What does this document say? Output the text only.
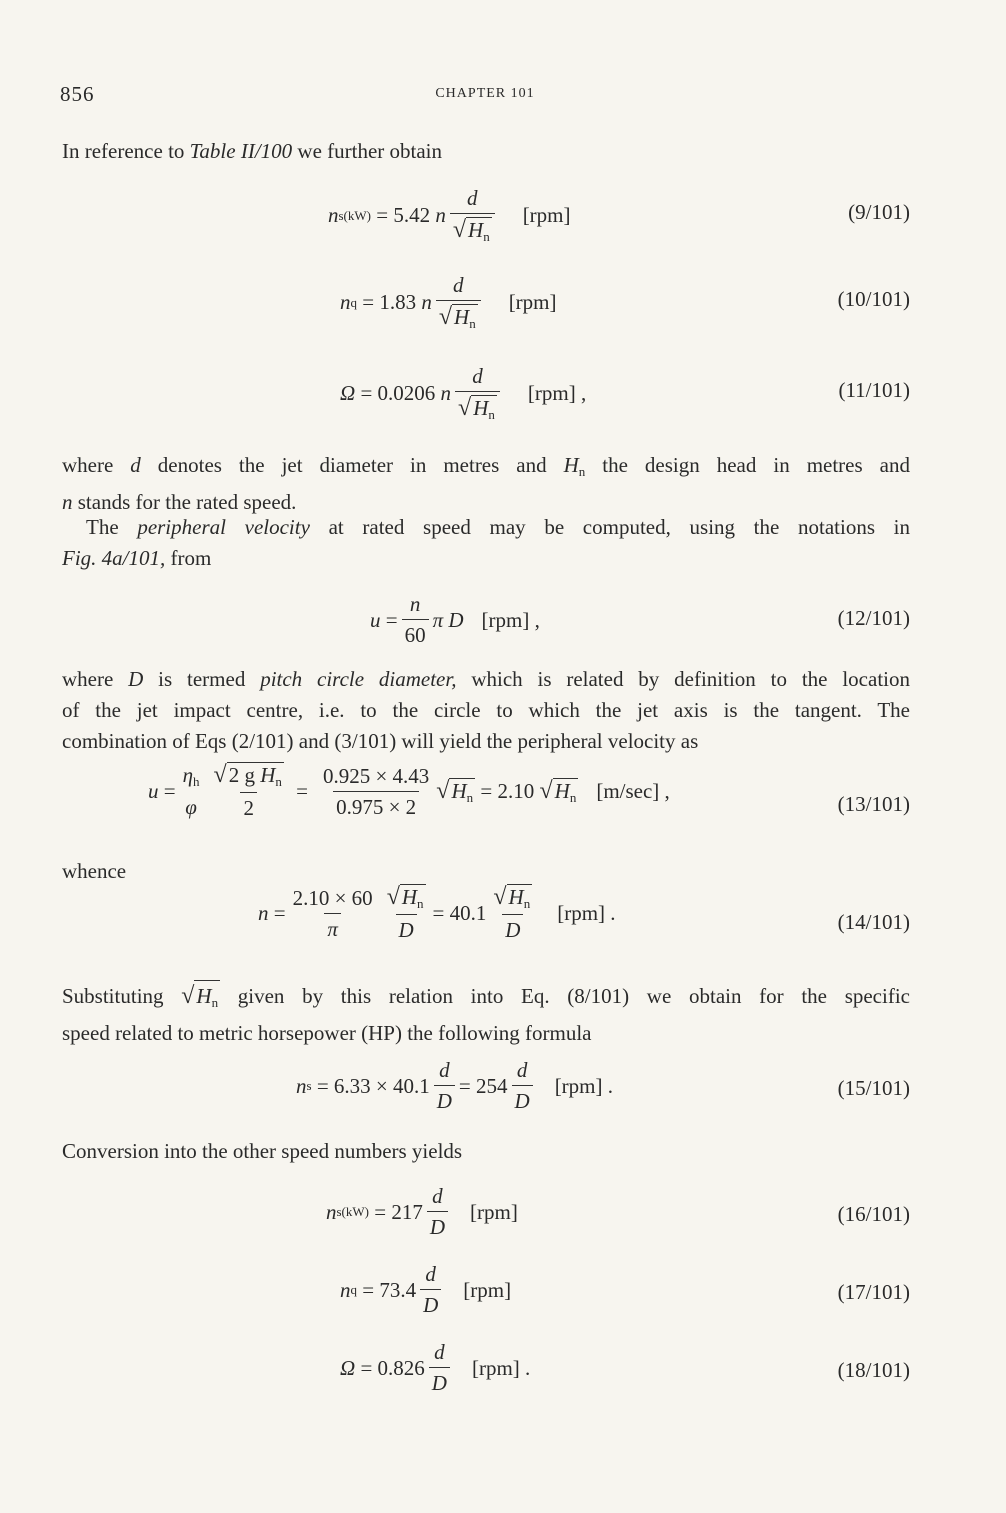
856	CHAPTER 101
In reference to Table II/100 we further obtain
n s(kW) = 5.42
n $\frac{d}{√H_n} [rpm]$	(9/101)
n q = 1.83
n $\frac{d}{√H_n} [rpm]$	(10/101)
Ω = 0.0206
n $\frac{d}{√H_n} [rpm]$ ,	(11/101)
where d denotes the jet diameter in metres and $H_n$ the design head in metres and
n stands for the rated speed.
The peripheral velocity at rated speed may be computed, using the notations in
Fig. 4a/101, from
$u = \frac{n}{60}$ π
D [rpm] ,	(12/101)
where D is termed pitch circle diameter, which is related by definition to the location
of the jet impact centre, i.e. to the circle to which the jet axis is the tangent. The
combination of Eqs (2/101) and (3/101) will yield the peripheral velocity as
u =
$\eta_h$
φ $\frac{√2 g H_n}{2} = \frac{0.925 \times 4.43}{0.975 \times 2}$ √ $H_n = 2.10$
√ $H_n$ [m/sec] ,
(13/101)
whence
$n = \frac{2.10 \times 60}{\pi} \frac{√H_n}{D} = 40.1 \frac{√H_n}{D} [rpm]$ .	(14/101)
Substituting $√H_n$ given by this relation into Eq. (8/101) we obtain for the specific
speed related to metric horsepower (HP) the following formula
n $s = 6.33 \times 40.1 \frac{d}{D} = 254 \frac{d}{D} [rpm]$ .	(15/101)
Conversion into the other speed numbers yields
n $s(kW) = 217 \frac{d}{D} [rpm]$	(16/101)
n $q = 73.4 \frac{d}{D} [rpm]$	(17/101)
$\Omega = 0.826 \frac{d}{D} [rpm]$ .	(18/101)
